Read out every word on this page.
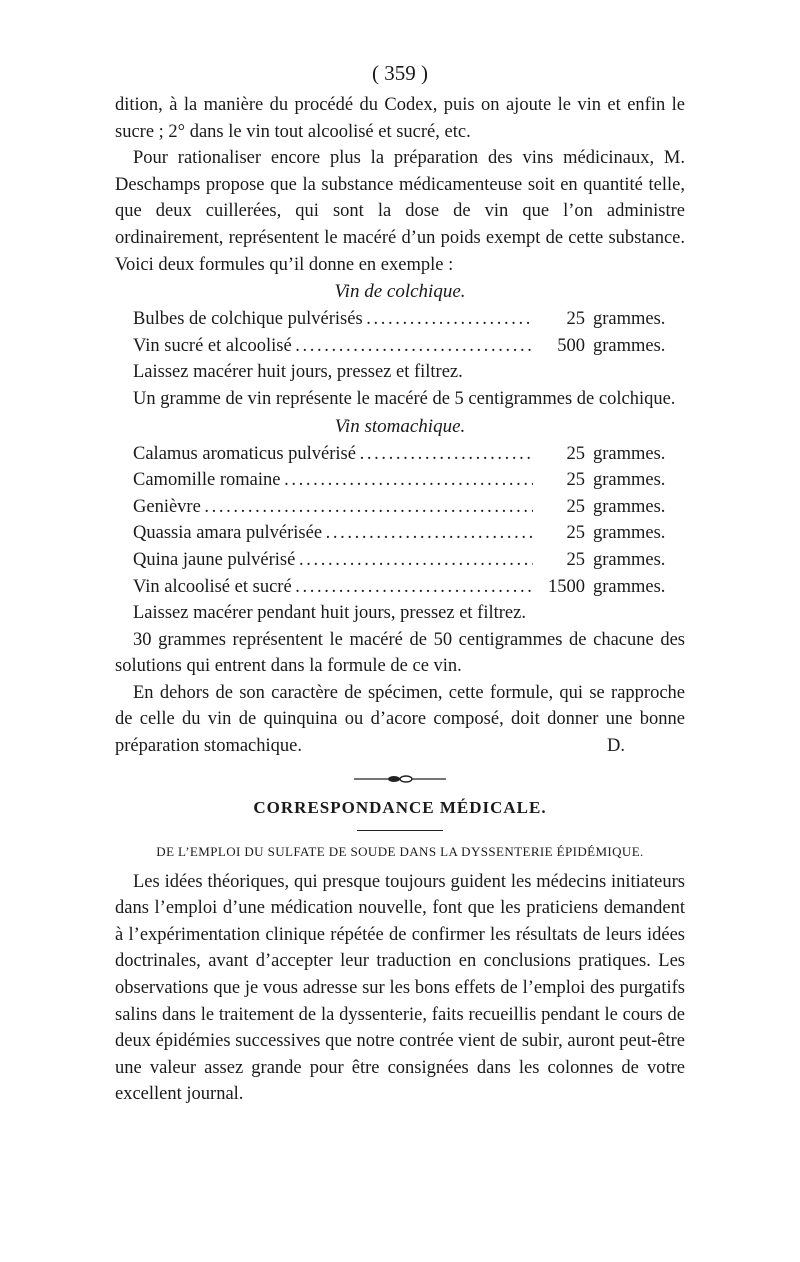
( 359 )

dition, à la manière du procédé du Codex, puis on ajoute le vin et enfin le sucre ; 2° dans le vin tout alcoolisé et sucré, etc.

Pour rationaliser encore plus la préparation des vins médicinaux, M. Deschamps propose que la substance médicamenteuse soit en quantité telle, que deux cuillerées, qui sont la dose de vin que l’on administre ordinairement, représentent le macéré d’un poids exempt de cette substance. Voici deux formules qu’il donne en exemple :

Vin de colchique.
Bulbes de colchique pulvérisés . . .	25 grammes.
Vin sucré et alcoolisé . . .	500 grammes.

Laissez macérer huit jours, pressez et filtrez.

Un gramme de vin représente le macéré de 5 centigrammes de colchique.

Vin stomachique.
Calamus aromaticus pulvérisé . . .	25 grammes.
Camomille romaine . . .	25 grammes.
Genièvre . . .	25 grammes.
Quassia amara pulvérisée . . .	25 grammes.
Quina jaune pulvérisé . . .	25 grammes.
Vin alcoolisé et sucré . . .	1500 grammes.

Laissez macérer pendant huit jours, pressez et filtrez.

30 grammes représentent le macéré de 50 centigrammes de chacune des solutions qui entrent dans la formule de ce vin.

En dehors de son caractère de spécimen, cette formule, qui se rapproche de celle du vin de quinquina ou d’acore composé, doit donner une bonne préparation stomachique.	D.

CORRESPONDANCE MÉDICALE.
DE L’EMPLOI DU SULFATE DE SOUDE DANS LA DYSSENTERIE ÉPIDÉMIQUE.

Les idées théoriques, qui presque toujours guident les médecins initiateurs dans l’emploi d’une médication nouvelle, font que les praticiens demandent à l’expérimentation clinique répétée de confirmer les résultats de leurs idées doctrinales, avant d’accepter leur traduction en conclusions pratiques. Les observations que je vous adresse sur les bons effets de l’emploi des purgatifs salins dans le traitement de la dyssenterie, faits recueillis pendant le cours de deux épidémies successives que notre contrée vient de subir, auront peut-être une valeur assez grande pour être consignées dans les colonnes de votre excellent journal.
